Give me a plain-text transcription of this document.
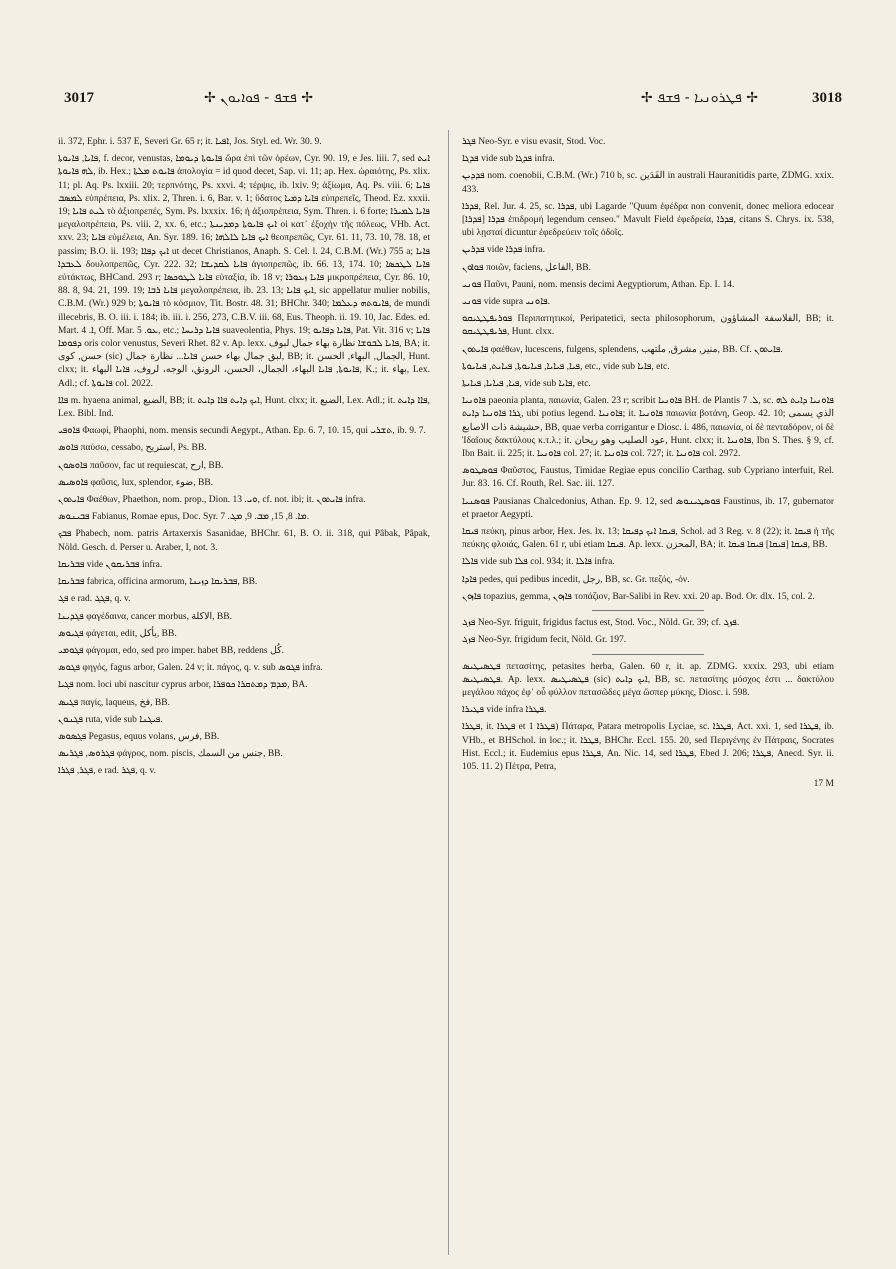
3017	✢ ܦܫܦ - ܦܘܐܝܘܢ ✢	✢ ܦܛܪܘܢܝܐ - ܦܫܦ ✢	3018

ii. 372, Ephr. i. 537 E, Severi Gr. 65 r; it. ܐܦܝܐ, Jos. Styl. ed. Wr. 30. 9.

ܦܐܝܐ, ܦܐܝܘܬܐ, f. decor, venustas, ܦܐܝܘܬܐ ܕܝܘܡܐ ὥρα ἐπὶ τῶν ὀρέων, Cyr. 90. 19, e Jes. liii. 7, sed ܐܝܬ ܠܗ ܦܐܝܘܬܐ, ib. Hex.; ܦܐܝܘܬ ܡܠܬܐ ἀπολογία = id quod decet, Sap. vi. 11; ap. Hex. ὡραιότης, Ps. xlix. 11; pl. Aq. Ps. lxxiii. 20; τερπνότης, Ps. xxvi. 4; τέρψις, ib. lxiv. 9; ἀξίωμα, Aq. Ps. viii. 6; ܦܐܝܐ ܠܡܣܒ εὐπρέπεια, Ps. xlix. 2, Thren. i. 6, Bar. v. 1; ὕδατος ܦܐܝܐ ܕܡܝܐ εὐπρεπεῖς, Theod. Ez. xxxii. 19; ܠܝܬ ܦܐܝܐ τὸ ἀξιοπρεπές, Sym. Ps. lxxxix. 16; ἡ ἀξιοπρέπεια, Sym. Thren. i. 6 forte; ܦܐܝܐ ܠܡܝܪܐ μεγαλοπρέπεια, Ps. viii. 2, xx. 6, etc.; ܐܝܟ ܦܐܝܘܬܐ ܕܡܕܝܢܬܐ οἱ κατ᾿ ἐξοχὴν τῆς πόλεως, VHb. Act. xxv. 23; ܦܐܝܐ εὐμέλεια, An. Syr. 189. 16; ܐܝܟ ܦܐܝܐ ܠܐܠܗܐ θεοπρεπῶς, Cyr. 61. 11, 73. 10, 78. 18, et passim; B.O. ii. 193; ܐܝܟ ܕܦܐܐ ut decet Christianos, Anaph. S. Cel. l. 24, C.B.M. (Wr.) 755 a; ܦܐܝܐ ܠܥܒܕܐ δουλοπρεπῶς, Cyr. 222. 32; ܦܐܝܐ ܠܩܕܝܫܐ ἁγιοπρεπῶς, ib. 66. 13, 174. 10; ܦܐܝܐ ܠܛܟܣܐ εὐτάκτως, BHCand. 293 r; ܦܐܝܐ ܠܛܘܟܣܐ εὐταξία, ib. 18 v; ܦܐܝܐ ܙܥܘܪܐ μικροπρέπεια, Cyr. 86. 10, 88. 8, 94. 21, 199. 19; ܦܐܝܐ ܪܒܐ μεγαλοπρέπεια, ib. 23. 13; ܐܝܟ ܦܐܝܐ, sic appellatur mulier nobilis, C.B.M. (Wr.) 929 b; ܦܐܝܘܬܐ τὸ κόσμιον, Tit. Bostr. 48. 31; BHChr. 340; ܦܐܝܘܬܗ ܕܥܠܡܐ, de mundi illecebris, B. O. iii. i. 184; ib. iii. i. 256, 273, C.B.V. iii. 68, Eus. Theoph. ii. 19. 10, Jac. Edes. ed. Mart. ܐ. 4, Off. Mar. ܥܘ. 5, etc.; ܦܐܝܐ ܕܪܝܚܐ suaveolentia, Phys. 19; ܦܐܝܐ ܕܦܐܝܘ, Pat. Vit. 316 v; ܦܐܝܐ ܕܦܘܡܐ oris color venustus, Severi Rhet. 82 v. Ap. lexx. ܦܐܝܐ ܠܒܘܫܐ نظارة بهاء جمال لبوف, BA; it. حسن, كوى (sic) لبق جمال بهاء حسن ܦܐܝܐ... نظارة جمال, BB; it. الجمال, البهاء, الحسن, Hunt. clxx; it. ܦܐܝܘܬܐ, ܦܐܝܐ البهاء، الجمال، الحسن، الرونق، الوجه، لروف، ܦܐܝܐ البهاء, K.; it. بهاء, Lex. Adl.; cf. ܦܐܝܘܬܐ col. 2022.

ܦܐܐ m. hyaena animal, الضبع, BB; it. ܐܝܟ ܕܐܝܬ ܦܐܐ ܕܐܝܬ, Hunt. clxx; it. الضبع, Lex. Adl.; it. ܦܐܐ ܕܐܝܬ, Lex. Bibl. Ind.

ܦܐܘܦܝ Φαωφί, Phaophi, nom. mensis secundi Aegypt., Athan. Ep. 6. 7, 10. 15, qui ܬܫܪܝ, ib. 9. 7.

ܦܐܘܣ παύσω, cessabo, استريح, Ps. BB.

ܦܐܘܣܘܢ παῦσον, fac ut requiescat, ارح, BB.

ܦܐܘܣܝܣ φαῦσις, lux, splendor, ضوء, BB.

ܦܐܝܬܘܢ Φαέθων, Phaethon, nom. prop., Dion. ܘܝ. 13, cf. not. ibi; it. ܦܐܝܬܘܢ infra.

ܦܒܝܢܘܣ Fabianus, Romae epus, Doc. Syr. ܡܐ. 8, 15, ܡܒ. 9, ܡܓ. 7.

ܦܒܟ Phabech, nom. patris Artaxerxis Sasanidae, BHChr. 61, B. O. ii. 318, qui Pâbak, Pâpak, Nöld. Gesch. d. Perser u. Araber, I, not. 3.

ܦܒܪܝܩܐ vide ܦܒܪܝܩܘܢ infra.

ܦܒܪܝܩܐ fabrica, officina armorum, ܦܒܪܝܩܐ ܕܙܝܢܐ, BB.

ܦܓ e rad. ܦܓܓ, q. v.

ܦܓܕܝܢܐ φαγέδαινα, cancer morbus, الاكلة, BB.

ܦܓܝܘܣ φάγεται, edit, يأكل, BB.

ܦܓܘܡܝ φάγομαι, edo, sed pro imper. habet BB, reddens كُل.

ܦܓܘܣ φηγός, fagus arbor, Galen. 24 v; it. πάγος, q. v. sub ܦܓܘܣ infra.

ܦܓܝܐ nom. loci ubi nascitur cyprus arbor, ܡܕܡ ܕܡܬܩܪܐ ܟܘܦܪܐ, BA.

ܦܓܝܣ παγίς, laqueus, فخ, BB.

ܦܓܢܘܢ ruta, vide sub ܦܝܓܢܐ.

ܦܓܣܘܣ Pegasus, equus volans, فرس, BB.

ܦܓܪܘܣ, ܦܓܪܝܣ φάγρος, nom. piscis, جنس من السمك, BB.

ܦܓܪ, ܦܓܪܐ, e rad. ܦܓܪ, q. v.

ܦܓܪ Neo-Syr. e visu evasit, Stod. Voc.

ܦܕܓܐ vide sub ܦܕܓܐ infra.

ܦܕܕܝܢ nom. coenobii, C.B.M. (Wr.) 710 b, sc. الفَدَين in australi Hauranitidis parte, ZDMG. xxix. 433.

ܦܕܪܐ, Rel. Jur. 4. 25, sc. ܦܕܪܐ, ubi Lagarde "Quum ἐφέδρα non convenit, donec meliora edocear ܦܕܪܐ [ܦܕܪܐ] ἐπιδρομή legendum censeo." Mavult Field ἐφεδρεία, ܦܕܪܐ, citans S. Chrys. ix. 538, ubi λῃσταί dicuntur ἐφεδρεύειν τοῖς ὁδοῖς.

ܦܕܪܝܢ vide ܦܕܪܐ infra.

ܦܘܐܘܢ ποιῶν, faciens, الفاعل, BB.

ܦܘܢܝ Παῦνι, Pauni, nom. mensis decimi Aegyptiorum, Athan. Ep. I. 14.

ܦܘܢܝ vide supra ܦܐܘܢܝ.

ܦܘܪܝܦܛܛܝܩܘ Περιπατητικοί, Peripatetici, secta philosophorum, الفلاسفة المشاؤون, BB; it. ܦܪܝܦܛܛܝܩܘ, Hunt. clxx.

ܦܐܝܬܘܢ φαέθων, lucescens, fulgens, splendens, منير, مشرق, ملتهب, BB. Cf. ܦܐܝܬܘܢ.

ܦܝܐ, ܦܝܐܝܐ, ܦܝܐܝܘܬܐ, ܦܝܐܝܬ, ܦܝܐܝܘܬܐ, etc., vide sub ܦܐܝܐ, etc.

ܦܝܐ, ܦܝܐܝܐ, ܦܝܐܝܬܐ, vide sub ܦܐܝܐ, etc.

ܦܐܘܢܝܐ paeonia planta, παιωνία, Galen. 23 r; scribit ܦܐܘܢܝܐ BH. de Plantis ܠ. 7, sc. ܦܐܘܢܝܐ ܕܐܝܬ ܠܗ ܓܪܐ ܦܐܘܢܝܐ ܕܐܝܬ, ubi potius legend. ܦܐܘܢܝܐ; it. ܦܐܘܢܝܐ παιωνία βοτάνη, Geop. 42. 10; الذي يسمى حشيشة ذات الاصابع, BB, quae verba corrigantur e Diosc. i. 486, παιωνία, οἱ δὲ πενταδόρον, οἱ δὲ Ἰδαῖους δακτύλους κ.τ.λ.; it. عود الصليب وهو ريحان, Hunt. clxx; it. ܦܐܘܢܝܐ, Ibn S. Thes. § 9, cf. Ibn Bait. ii. 225; it. ܦܐܘܢܝܐ col. 27; it. ܦܐܘܢܝܐ col. 727; it. ܦܐܘܢܝܐ col. 2972.

ܦܘܣܛܘܣ Φαῦστος, Faustus, Timidae Regiae epus concilio Carthag. sub Cypriano interfuit, Rel. Jur. 83. 16. Cf. Routh, Rel. Sac. iii. 127.

ܦܘܣܢܝܐ Pausianas Chalcedonius, Athan. Ep. 9. 12, sed ܦܘܣܛܝܢܘܣ Faustinus, ib. 17, gubernator et praetor Aegypti.

ܦܝܩܐ πεύκη, pinus arbor, Hex. Jes. lx. 13; ܦܝܩܐ ܐܝܟ ܕܦܝܩܐ, Schol. ad 3 Reg. v. 8 (22); it. ܦܝܩܐ ἡ τῆς πεύκης φλοιάς, Galen. 61 r, ubi etiam ܦܝܩܐ. Ap. lexx. المحزن, BA; it. ܦܝܩܐ [ܦܝܩܐ] ܦܝܩܐ ܦܝܩܐ, BB.

ܦܐܠܐ vide sub ܦܠܐ col. 934; it. ܦܐܠܐ infra.

ܦܐܕܐ pedes, qui pedibus incedit, رجل, BB, sc. Gr. πεζός, -όν.

ܦܐܙܘܢ topazius, gemma, ܦܐܙܘܢ τοπάζιον, Bar-Salibi in Rev. xxi. 20 ap. Bod. Or. dlx. 15, col. 2.

ܦܙܓ Neo-Syr. friguit, frigidus factus est, Stod. Voc., Nöld. Gr. 39; cf. ܦܙܓ.

ܦܙܓ Neo-Syr. frigidum fecit, Nöld. Gr. 197.

ܦܛܣܝܛܝܣ πετασίτης, petasites herba, Galen. 60 r, it. ap. ZDMG. xxxix. 293, ubi etiam ܦܛܣܝܛܝܣ. Ap. lexx. ܦܛܣܝܛܝܣ (sic) ܐܝܟ ܕܐܝܬ, BB, sc. πετασίτης μόσχος ἐστι ... δακτύλου μεγάλου πάχος ἐφ᾿ οὗ φύλλον πετασῶδες μέγα ὥσπερ μύκης, Diosc. i. 598.

ܦܛܝܪܐ vide infra ܦܛܪܐ.

ܦܛܪܐ, it. ܦܛܪܐ et ܦܛܪܐ 1) Πάταρα, Patara metropolis Lyciae, sc. ܦܛܪܐ, Act. xxi. 1, sed ܦܛܪܐ, ib. VHb., et BHSchol. in loc.; it. ܦܛܪܐ, BHChr. Eccl. 155. 20, sed Περιγένης ἐν Πάτραις, Socrates Hist. Eccl.; it. Eudemius epus ܦܛܪܐ, An. Nic. 14, sed ܦܛܪܐ, Ebed J. 206; ܦܛܪܐ, Anecd. Syr. ii. 105. 11. 2) Πέτρα, Petra,

17 M
